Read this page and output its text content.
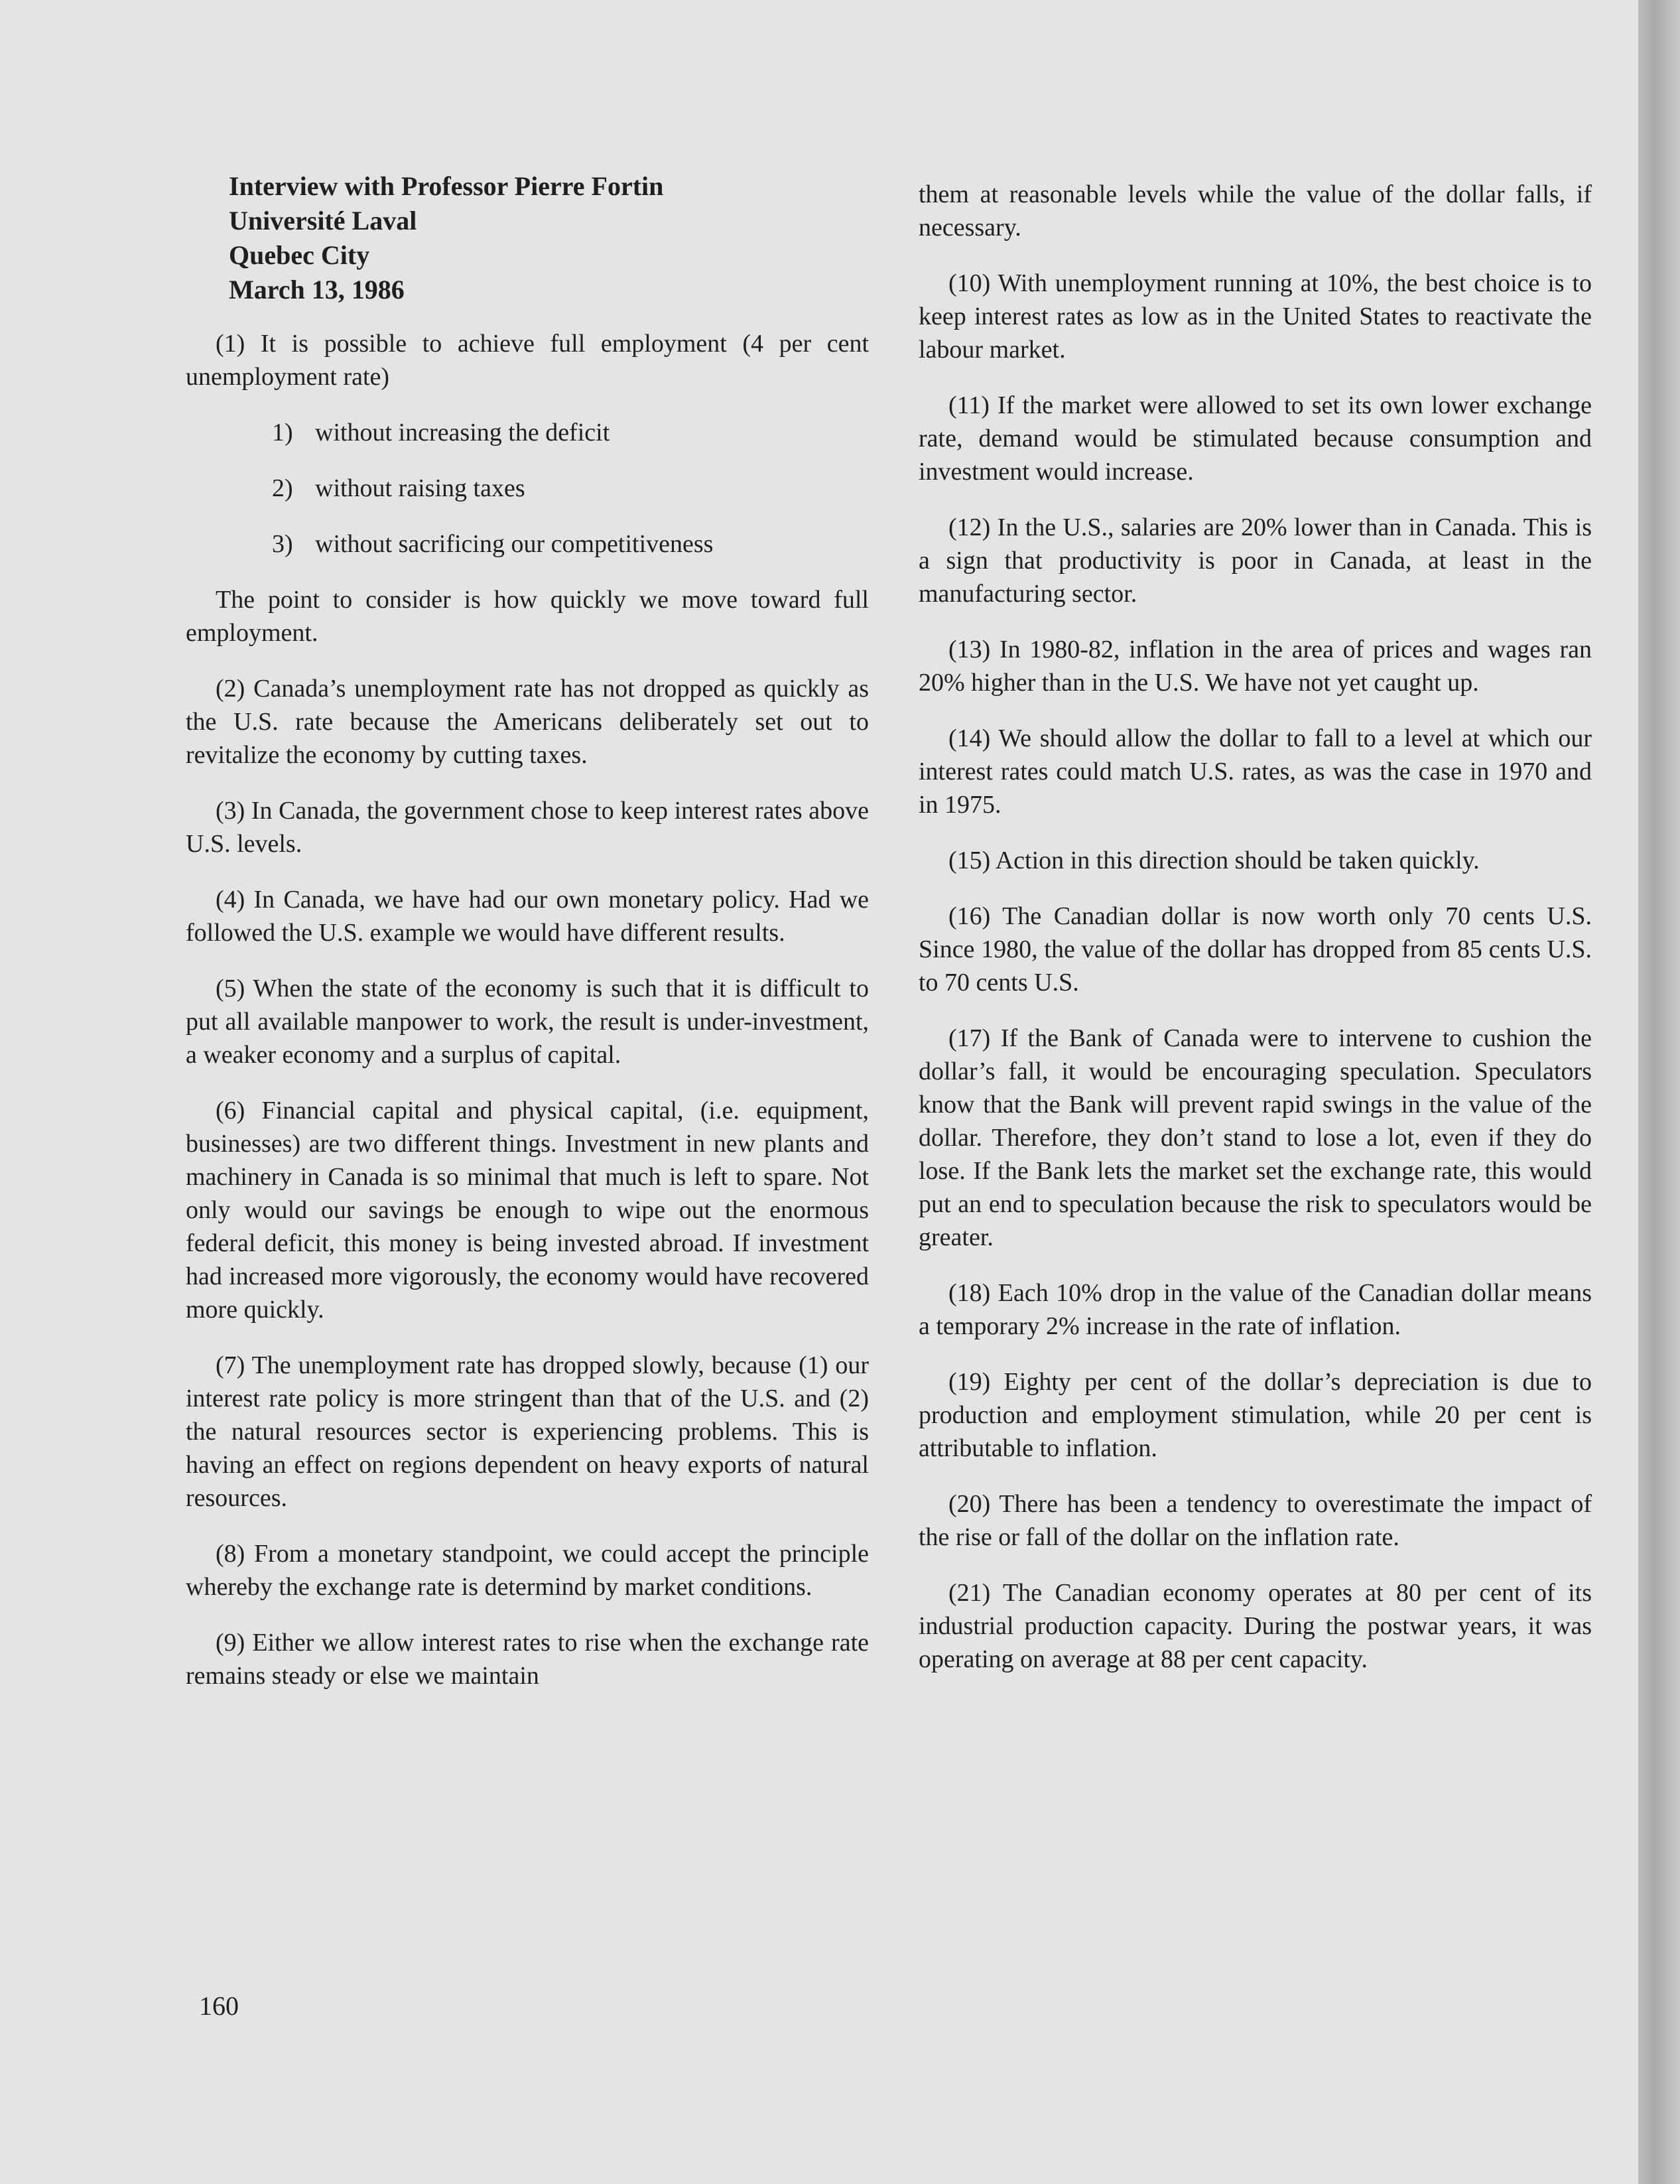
Interview with Professor Pierre Fortin
Université Laval
Quebec City
March 13, 1986

(1) It is possible to achieve full employment (4 per cent unemployment rate)

1) without increasing the deficit
2) without raising taxes
3) without sacrificing our competitiveness

The point to consider is how quickly we move toward full employment.

(2) Canada’s unemployment rate has not dropped as quickly as the U.S. rate because the Americans deliberately set out to revitalize the economy by cutting taxes.

(3) In Canada, the government chose to keep interest rates above U.S. levels.

(4) In Canada, we have had our own monetary policy. Had we followed the U.S. example we would have different results.

(5) When the state of the economy is such that it is difficult to put all available manpower to work, the result is under-investment, a weaker economy and a surplus of capital.

(6) Financial capital and physical capital, (i.e. equipment, businesses) are two different things. Investment in new plants and machinery in Canada is so minimal that much is left to spare. Not only would our savings be enough to wipe out the enormous federal deficit, this money is being invested abroad. If investment had increased more vigorously, the economy would have recovered more quickly.

(7) The unemployment rate has dropped slowly, because (1) our interest rate policy is more stringent than that of the U.S. and (2) the natural resources sector is experiencing problems. This is having an effect on regions dependent on heavy exports of natural resources.

(8) From a monetary standpoint, we could accept the principle whereby the exchange rate is determind by market conditions.

(9) Either we allow interest rates to rise when the exchange rate remains steady or else we maintain

them at reasonable levels while the value of the dollar falls, if necessary.

(10) With unemployment running at 10%, the best choice is to keep interest rates as low as in the United States to reactivate the labour market.

(11) If the market were allowed to set its own lower exchange rate, demand would be stimulated because consumption and investment would increase.

(12) In the U.S., salaries are 20% lower than in Canada. This is a sign that productivity is poor in Canada, at least in the manufacturing sector.

(13) In 1980-82, inflation in the area of prices and wages ran 20% higher than in the U.S. We have not yet caught up.

(14) We should allow the dollar to fall to a level at which our interest rates could match U.S. rates, as was the case in 1970 and in 1975.

(15) Action in this direction should be taken quickly.

(16) The Canadian dollar is now worth only 70 cents U.S. Since 1980, the value of the dollar has dropped from 85 cents U.S. to 70 cents U.S.

(17) If the Bank of Canada were to intervene to cushion the dollar’s fall, it would be encouraging speculation. Speculators know that the Bank will prevent rapid swings in the value of the dollar. Therefore, they don’t stand to lose a lot, even if they do lose. If the Bank lets the market set the exchange rate, this would put an end to speculation because the risk to speculators would be greater.

(18) Each 10% drop in the value of the Canadian dollar means a temporary 2% increase in the rate of inflation.

(19) Eighty per cent of the dollar’s depreciation is due to production and employment stimulation, while 20 per cent is attributable to inflation.

(20) There has been a tendency to overestimate the impact of the rise or fall of the dollar on the inflation rate.

(21) The Canadian economy operates at 80 per cent of its industrial production capacity. During the postwar years, it was operating on average at 88 per cent capacity.

160
